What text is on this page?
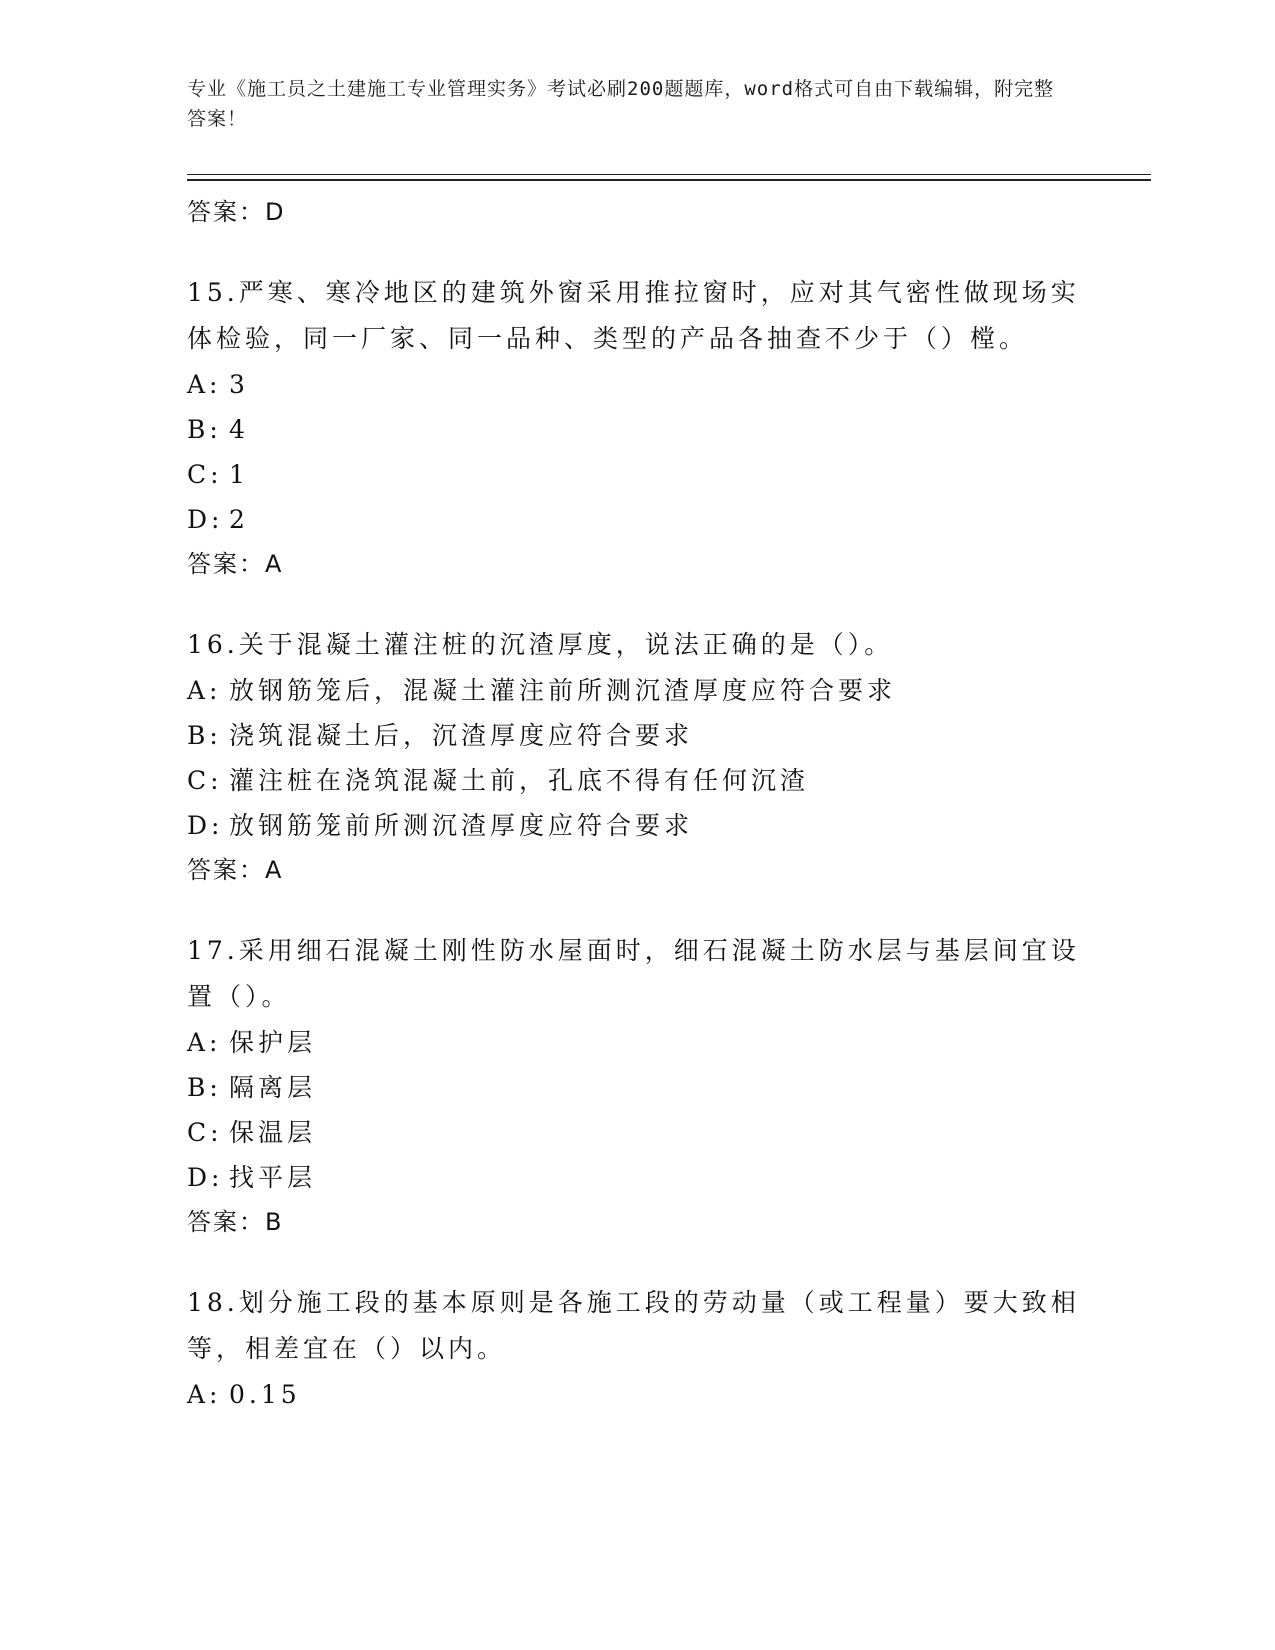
专业《施工员之土建施工专业管理实务》考试必刷200题题库，word格式可自由下载编辑，附完整答案！
答案：D
15.严寒、寒冷地区的建筑外窗采用推拉窗时，应对其气密性做现场实体检验，同一厂家、同一品种、类型的产品各抽查不少于（）樘。
A: 3
B: 4
C: 1
D: 2
答案：A
16.关于混凝土灌注桩的沉渣厚度，说法正确的是（）。
A: 放钢筋笼后，混凝土灌注前所测沉渣厚度应符合要求
B: 浇筑混凝土后，沉渣厚度应符合要求
C: 灌注桩在浇筑混凝土前，孔底不得有任何沉渣
D: 放钢筋笼前所测沉渣厚度应符合要求
答案：A
17.采用细石混凝土刚性防水屋面时，细石混凝土防水层与基层间宜设置（）。
A: 保护层
B: 隔离层
C: 保温层
D: 找平层
答案：B
18.划分施工段的基本原则是各施工段的劳动量（或工程量）要大致相等，相差宜在（）以内。
A: 0.15
